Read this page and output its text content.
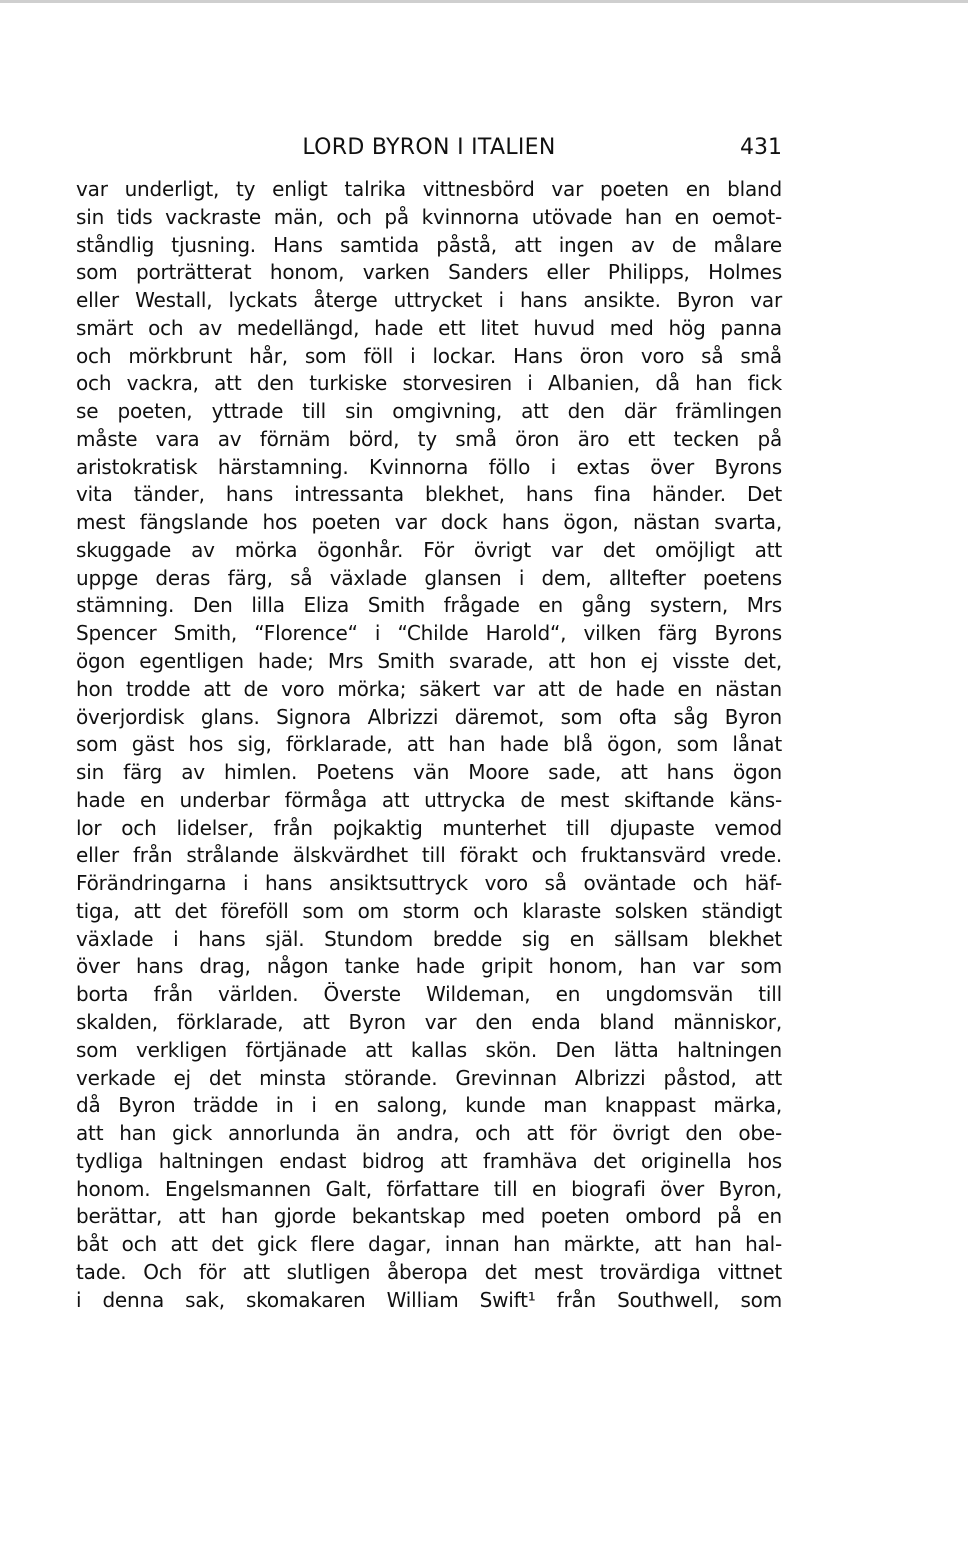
LORD BYRON I ITALIEN	431
var underligt, ty enligt talrika vittnesbörd var poeten en bland
sin tids vackraste män, och på kvinnorna utövade han en oemot-
ståndlig tjusning. Hans samtida påstå, att ingen av de målare
som porträtterat honom, varken Sanders eller Philipps, Holmes
eller Westall, lyckats återge uttrycket i hans ansikte. Byron var
smärt och av medellängd, hade ett litet huvud med hög panna
och mörkbrunt hår, som föll i lockar. Hans öron voro så små
och vackra, att den turkiske storvesiren i Albanien, då han fick
se poeten, yttrade till sin omgivning, att den där främlingen
måste vara av förnäm börd, ty små öron äro ett tecken på
aristokratisk härstamning. Kvinnorna föllo i extas över Byrons
vita tänder, hans intressanta blekhet, hans fina händer. Det
mest fängslande hos poeten var dock hans ögon, nästan svarta,
skuggade av mörka ögonhår. För övrigt var det omöjligt att
uppge deras färg, så växlade glansen i dem, alltefter poetens
stämning. Den lilla Eliza Smith frågade en gång systern, Mrs
Spencer Smith, “Florence“ i “Childe Harold“, vilken färg Byrons
ögon egentligen hade; Mrs Smith svarade, att hon ej visste det,
hon trodde att de voro mörka; säkert var att de hade en nästan
överjordisk glans. Signora Albrizzi däremot, som ofta såg Byron
som gäst hos sig, förklarade, att han hade blå ögon, som lånat
sin färg av himlen. Poetens vän Moore sade, att hans ögon
hade en underbar förmåga att uttrycka de mest skiftande käns-
lor och lidelser, från pojkaktig munterhet till djupaste vemod
eller från strålande älskvärdhet till förakt och fruktansvärd vrede.
Förändringarna i hans ansiktsuttryck voro så oväntade och häf-
tiga, att det föreföll som om storm och klaraste solsken ständigt
växlade i hans själ. Stundom bredde sig en sällsam blekhet
över hans drag, någon tanke hade gripit honom, han var som
borta från världen. Överste Wildeman, en ungdomsvän till
skalden, förklarade, att Byron var den enda bland människor,
som verkligen förtjänade att kallas skön. Den lätta haltningen
verkade ej det minsta störande. Grevinnan Albrizzi påstod, att
då Byron trädde in i en salong, kunde man knappast märka,
att han gick annorlunda än andra, och att för övrigt den obe-
tydliga haltningen endast bidrog att framhäva det originella hos
honom. Engelsmannen Galt, författare till en biografi över Byron,
berättar, att han gjorde bekantskap med poeten ombord på en
båt och att det gick flere dagar, innan han märkte, att han hal-
tade. Och för att slutligen åberopa det mest trovärdiga vittnet
i denna sak, skomakaren William Swift¹ från Southwell, som
